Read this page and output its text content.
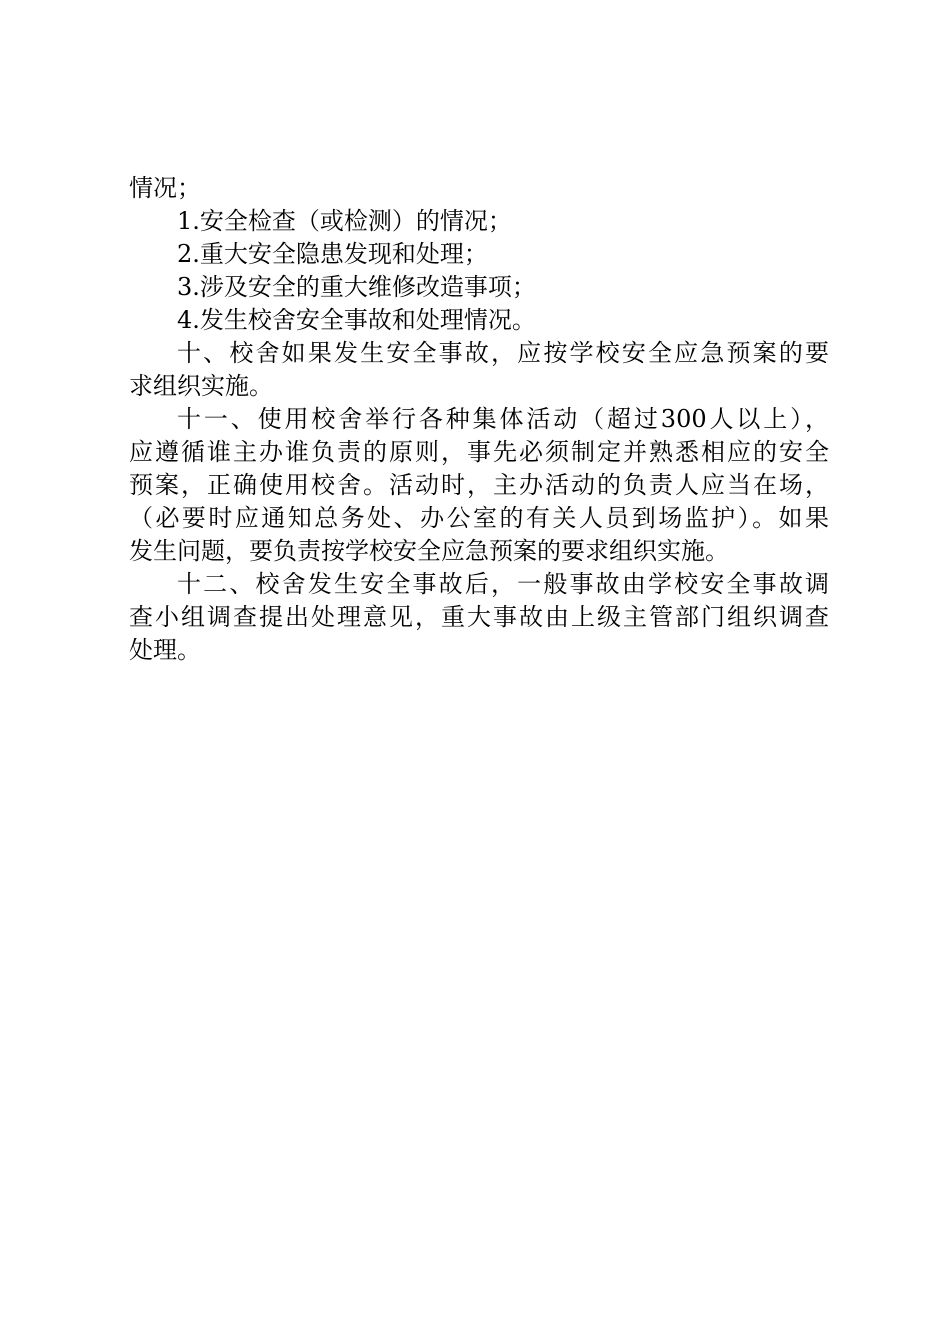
情况；
1.安全检查（或检测）的情况；
2.重大安全隐患发现和处理；
3.涉及安全的重大维修改造事项；
4.发生校舍安全事故和处理情况。
十、校舍如果发生安全事故，应按学校安全应急预案的要
求组织实施。
十一、使用校舍举行各种集体活动（超过300人以上），
应遵循谁主办谁负责的原则，事先必须制定并熟悉相应的安全
预案，正确使用校舍。活动时，主办活动的负责人应当在场，
（必要时应通知总务处、办公室的有关人员到场监护）。如果
发生问题，要负责按学校安全应急预案的要求组织实施。
十二、校舍发生安全事故后，一般事故由学校安全事故调
查小组调查提出处理意见，重大事故由上级主管部门组织调查
处理。
